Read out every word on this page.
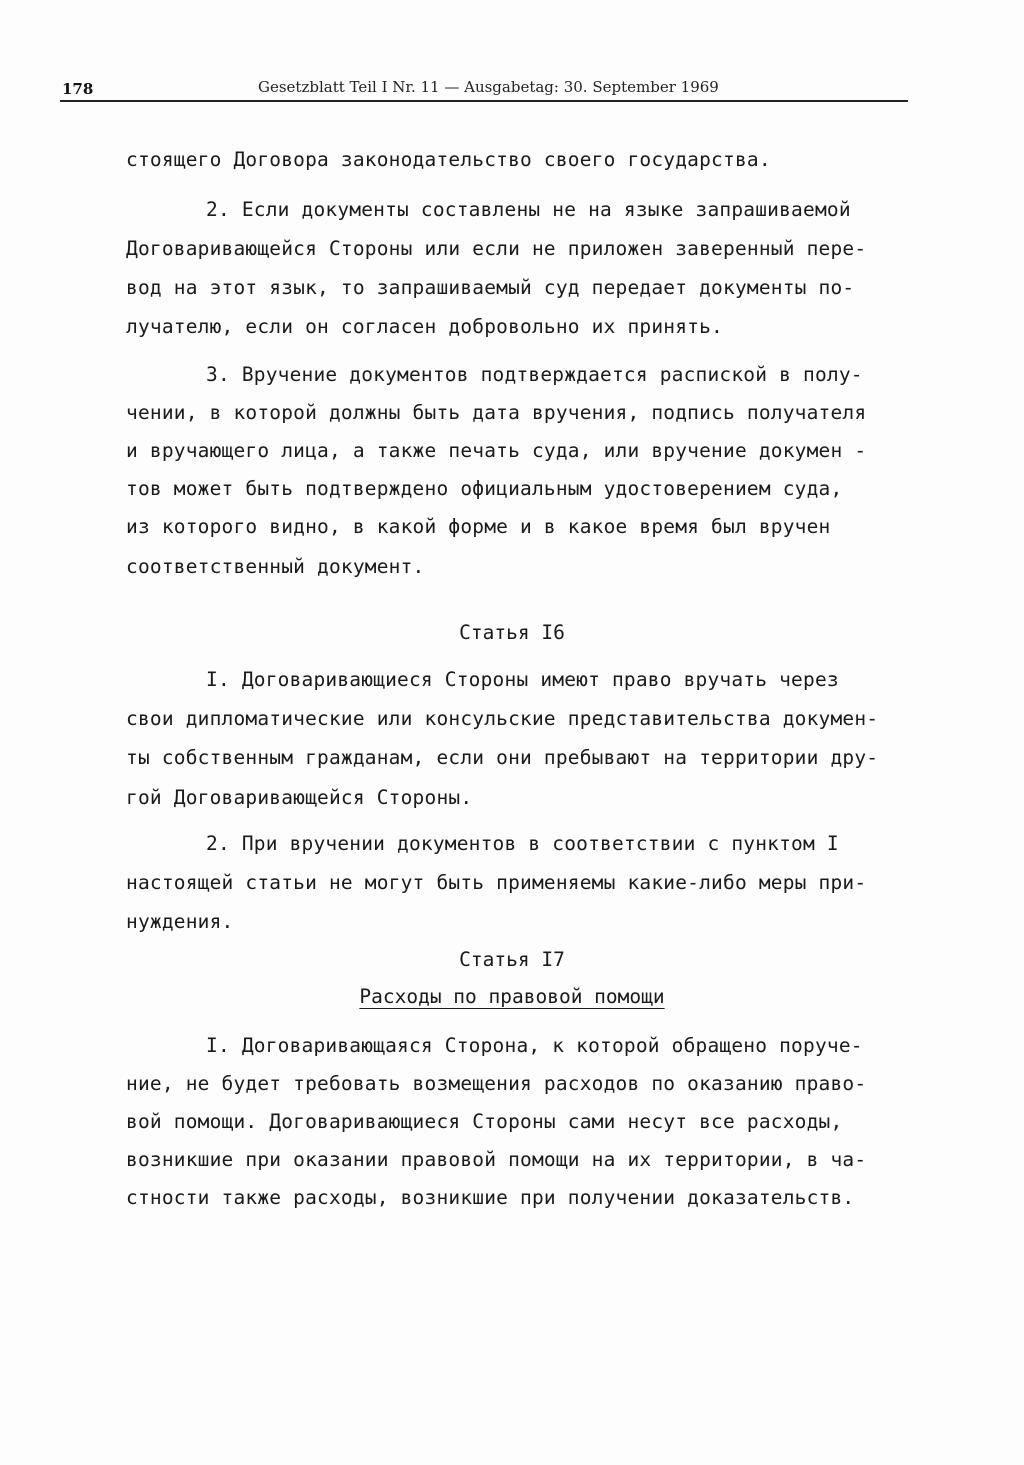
178	Gesetzblatt Teil I Nr. 11 — Ausgabetag: 30. September 1969
стоящего Договора законодательство своего государства.
2. Если документы составлены не на языке запрашиваемой
Договаривающейся Стороны или если не приложен заверенный пере-
вод на этот язык, то запрашиваемый суд передает документы по-
лучателю, если он согласен добровольно их принять.
3. Вручение документов подтверждается распиской в полу-
чении, в которой должны быть дата вручения, подпись получателя
и вручающего лица, а также печать суда, или вручение докумен -
тов может быть подтверждено официальным удостоверением суда,
из которого видно, в какой форме и в какое время был вручен
соответственный документ.
Статья I6
I. Договаривающиеся Стороны имеют право вручать через
свои дипломатические или консульские представительства докумен-
ты собственным гражданам, если они пребывают на территории дру-
гой Договаривающейся Стороны.
2. При вручении документов в соответствии с пунктом I
настоящей статьи не могут быть применяемы какие-либо меры при-
нуждения.
Статья I7
Расходы по правовой помощи
I. Договаривающаяся Сторона, к которой обращено поруче-
ние, не будет требовать возмещения расходов по оказанию право-
вой помощи. Договаривающиеся Стороны сами несут все расходы,
возникшие при оказании правовой помощи на их территории, в ча-
стности также расходы, возникшие при получении доказательств.
